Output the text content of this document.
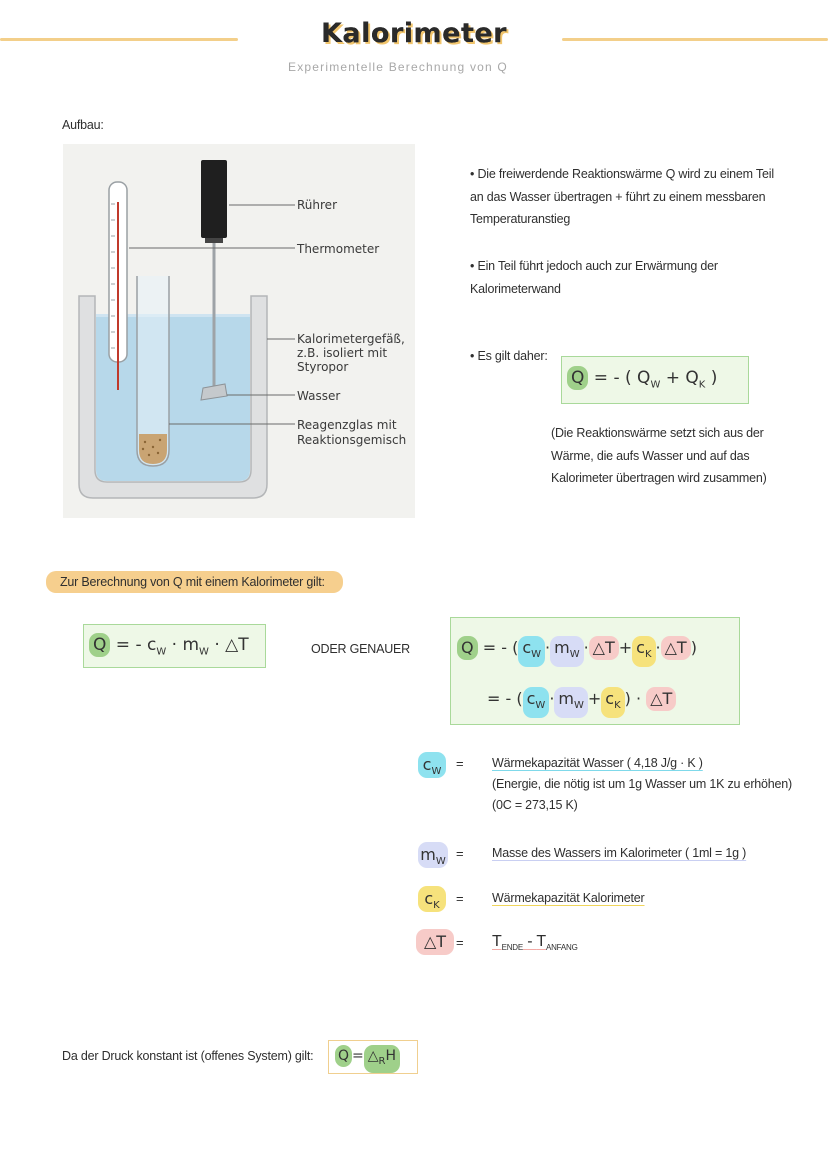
Kalorimeter
Experimentelle Berechnung von Q
Aufbau:
Rührer
Thermometer
Kalorimetergefäß,
z.B. isoliert mit
Styropor
Wasser
Reagenzglas mit
Reaktionsgemisch
• Die freiwerdende Reaktionswärme Q wird zu einem Teil
an das Wasser übertragen + führt zu einem messbaren
Temperaturanstieg
• Ein Teil führt jedoch auch zur Erwärmung der
Kalorimeterwand
• Es gilt daher:
Q = - ( $Q_W + Q_K$ )
(Die Reaktionswärme setzt sich aus der
Wärme, die aufs Wasser und auf das
Kalorimeter übertragen wird zusammen)
Zur Berechnung von Q mit einem Kalorimeter gilt:
Q = - $c_W \cdot m_W$ · △T	ODER GENAUER	Q = - ( $c_W \cdot m_W$ · △T + $c_K$ · △T )
= - ( $c_W \cdot m_W + c_K$ ) · △T
$c_W$
= Wärmekapazität Wasser ( 4,18 J/g · K )
(Energie, die nötig ist um 1g Wasser um 1K zu erhöhen)
(0C = 273,15 K)
$m_W$
= Masse des Wassers im Kalorimeter ( 1ml = 1g )
$c_K$	= Wärmekapazität Kalorimeter
△T = $T_{ENDE} - T_{ANFANG}$
Da der Druck konstant ist (offenes System) gilt: $Q = \triangle_RH$
